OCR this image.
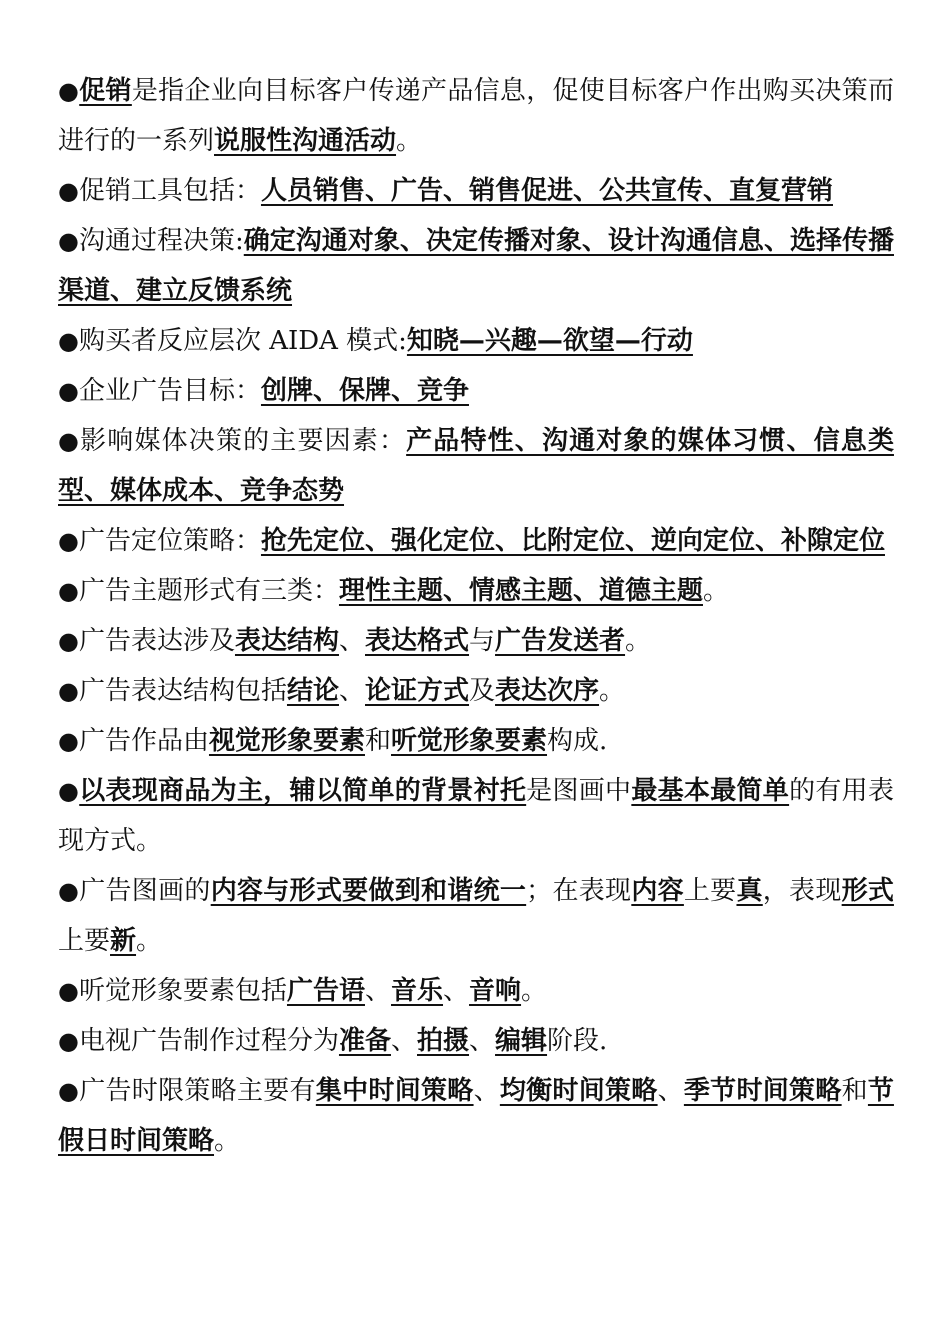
●促销是指企业向目标客户传递产品信息，促使目标客户作出购买决策而进行的一系列说服性沟通活动。

●促销工具包括：人员销售、广告、销售促进、公共宣传、直复营销

●沟通过程决策:确定沟通对象、决定传播对象、设计沟通信息、选择传播渠道、建立反馈系统

●购买者反应层次 AIDA 模式:知晓—兴趣—欲望—行动

●企业广告目标：创牌、保牌、竞争

●影响媒体决策的主要因素：产品特性、沟通对象的媒体习惯、信息类型、媒体成本、竞争态势

●广告定位策略：抢先定位、强化定位、比附定位、逆向定位、补隙定位

●广告主题形式有三类：理性主题、情感主题、道德主题。

●广告表达涉及表达结构、表达格式与广告发送者。

●广告表达结构包括结论、论证方式及表达次序。

●广告作品由视觉形象要素和听觉形象要素构成.

●以表现商品为主，辅以简单的背景衬托是图画中最基本最简单的有用表现方式。

●广告图画的内容与形式要做到和谐统一；在表现内容上要真，表现形式上要新。

●听觉形象要素包括广告语、音乐、音响。

●电视广告制作过程分为准备、拍摄、编辑阶段.

●广告时限策略主要有集中时间策略、均衡时间策略、季节时间策略和节假日时间策略。
